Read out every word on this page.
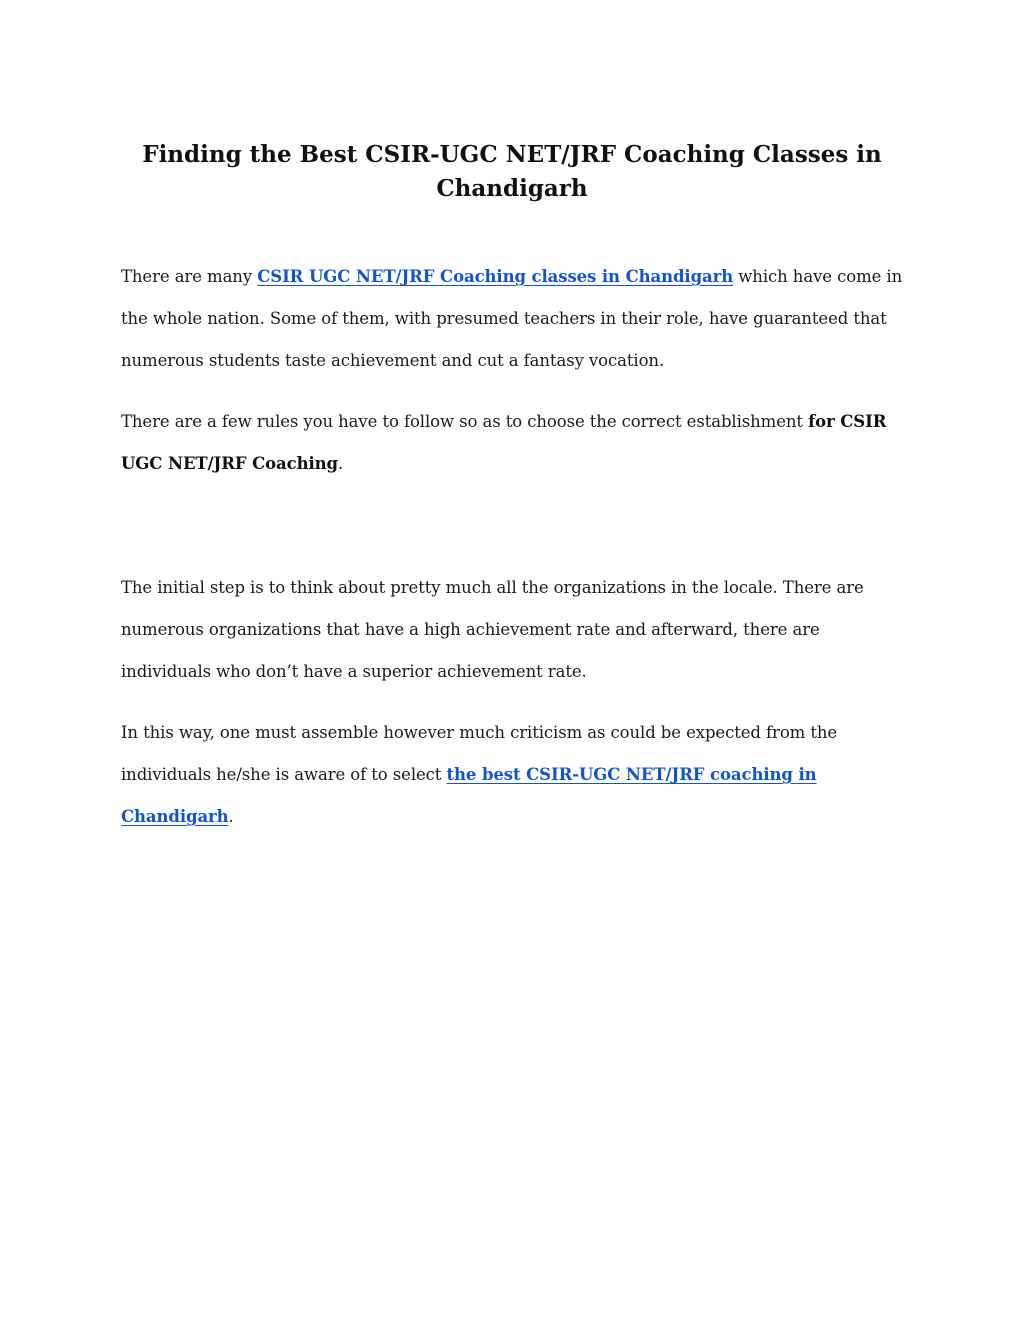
Finding the Best CSIR-UGC NET/JRF Coaching Classes in Chandigarh

There are many CSIR UGC NET/JRF Coaching classes in Chandigarh which have come in the whole nation. Some of them, with presumed teachers in their role, have guaranteed that numerous students taste achievement and cut a fantasy vocation.

There are a few rules you have to follow so as to choose the correct establishment for CSIR UGC NET/JRF Coaching.

The initial step is to think about pretty much all the organizations in the locale. There are numerous organizations that have a high achievement rate and afterward, there are individuals who don’t have a superior achievement rate.

In this way, one must assemble however much criticism as could be expected from the individuals he/she is aware of to select the best CSIR-UGC NET/JRF coaching in Chandigarh.
